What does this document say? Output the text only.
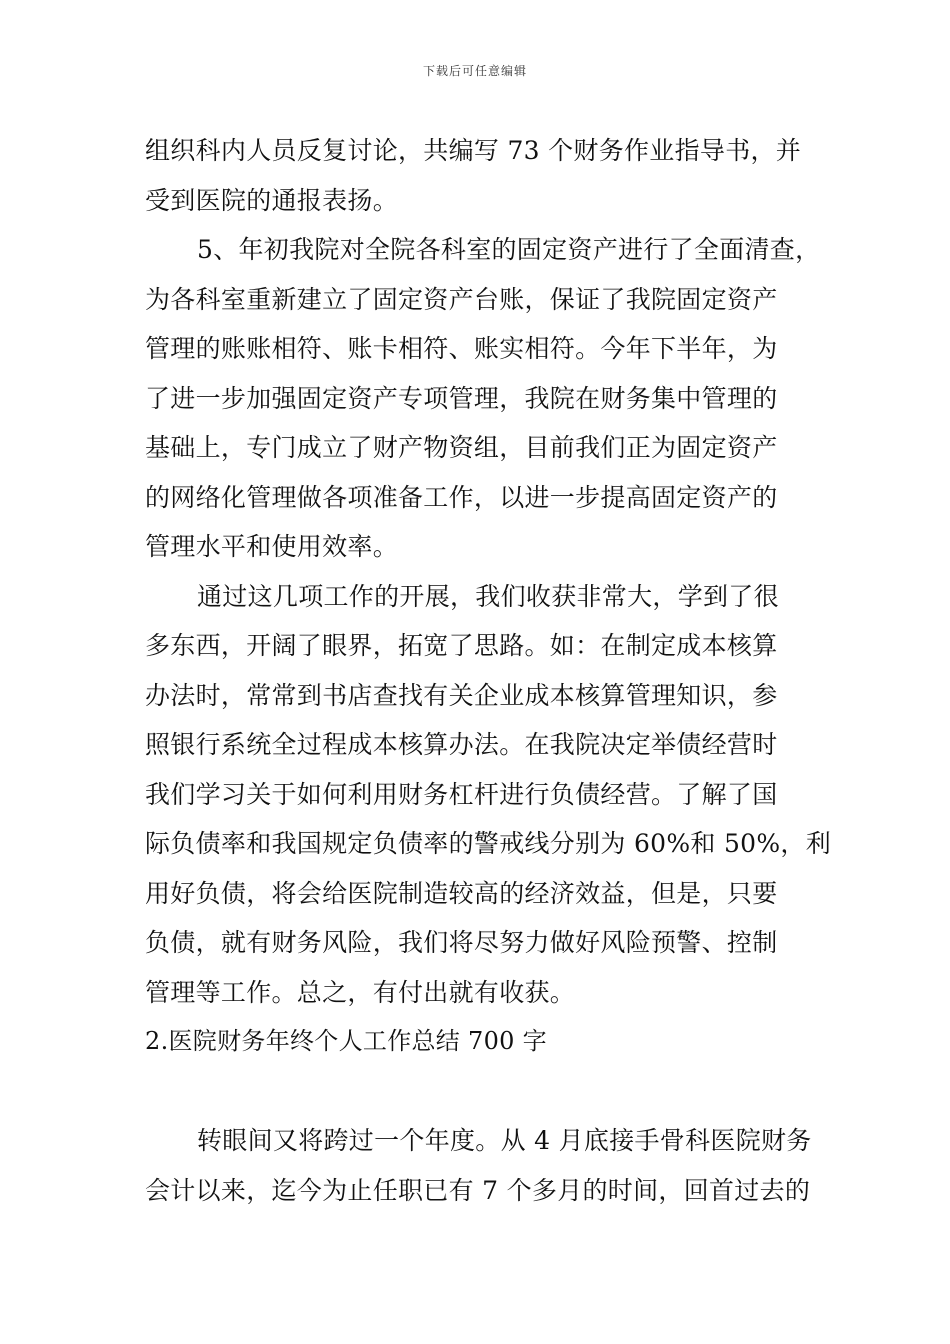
下载后可任意编辑
组织科内人员反复讨论，共编写 73 个财务作业指导书，并
受到医院的通报表扬。
5、年初我院对全院各科室的固定资产进行了全面清查，
为各科室重新建立了固定资产台账，保证了我院固定资产
管理的账账相符、账卡相符、账实相符。今年下半年，为
了进一步加强固定资产专项管理，我院在财务集中管理的
基础上，专门成立了财产物资组，目前我们正为固定资产
的网络化管理做各项准备工作，以进一步提高固定资产的
管理水平和使用效率。
通过这几项工作的开展，我们收获非常大，学到了很
多东西，开阔了眼界，拓宽了思路。如：在制定成本核算
办法时，常常到书店查找有关企业成本核算管理知识，参
照银行系统全过程成本核算办法。在我院决定举债经营时
我们学习关于如何利用财务杠杆进行负债经营。了解了国
际负债率和我国规定负债率的警戒线分别为 60%和 50%，利
用好负债，将会给医院制造较高的经济效益，但是，只要
负债，就有财务风险，我们将尽努力做好风险预警、控制
管理等工作。总之，有付出就有收获。
2.医院财务年终个人工作总结 700 字
转眼间又将跨过一个年度。从 4 月底接手骨科医院财务
会计以来，迄今为止任职已有 7 个多月的时间，回首过去的
